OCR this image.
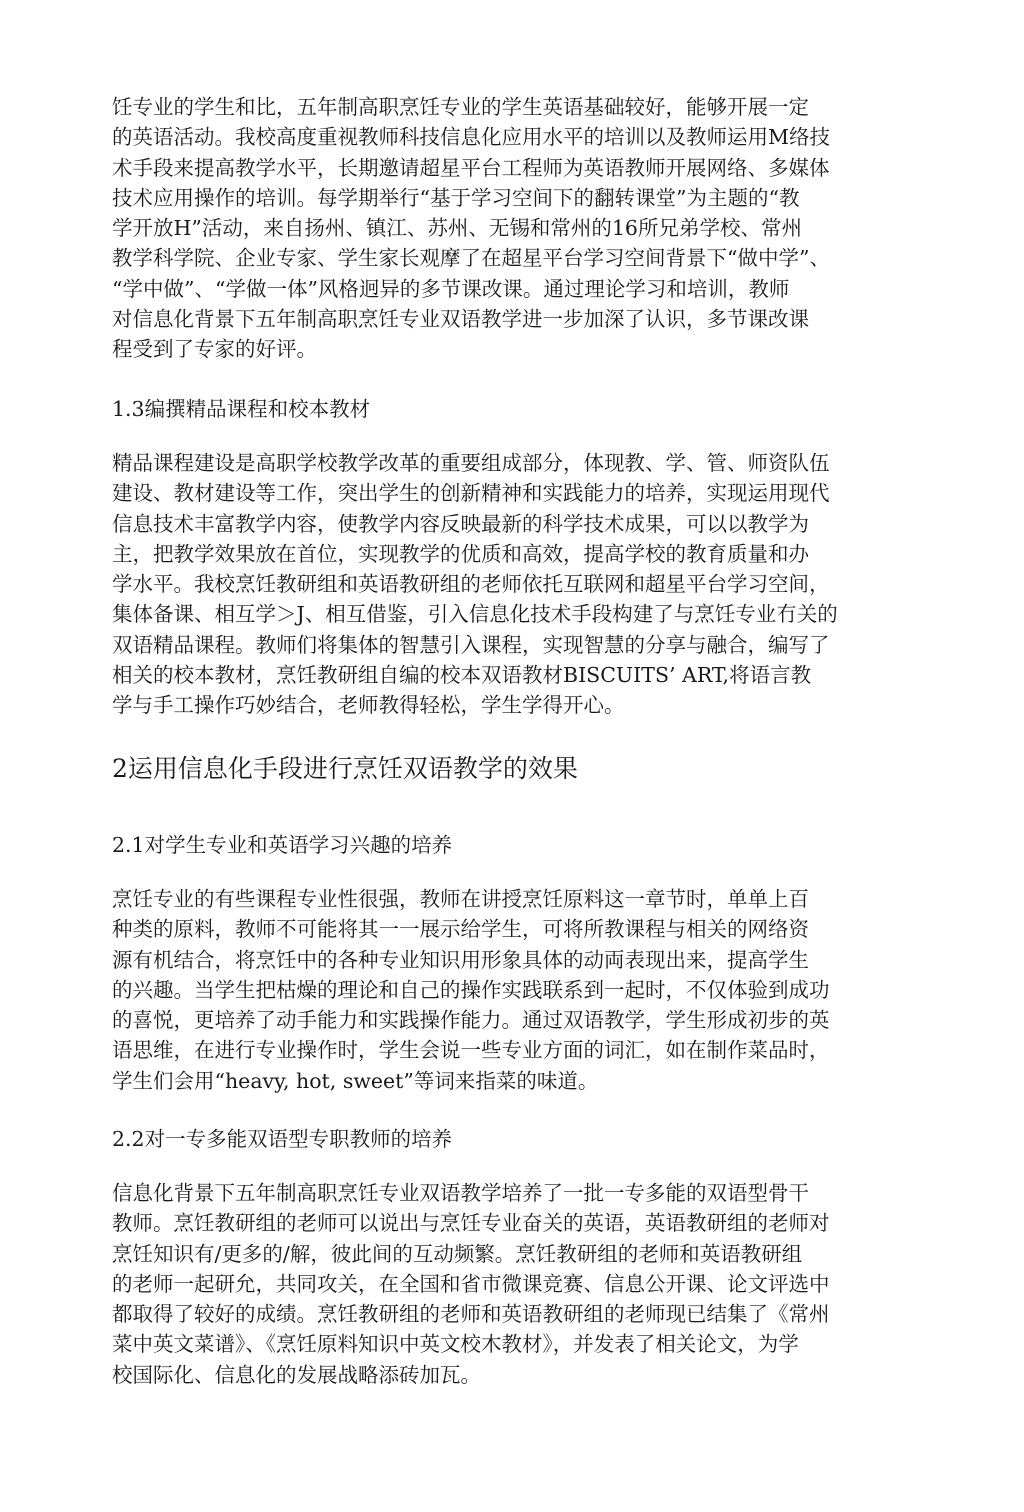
饪专业的学生和比，五年制高职烹饪专业的学生英语基础较好，能够开展一定
的英语活动。我校高度重视教师科技信息化应用水平的培训以及教师运用M络技
术手段来提高教学水平，长期邀请超星平台工程师为英语教师开展网络、多媒体
技术应用操作的培训。每学期举行“基于学习空间下的翻转课堂”为主题的“教
学开放H”活动，来自扬州、镇江、苏州、无锡和常州的16所兄弟学校、常州
教学科学院、企业专家、学生家长观摩了在超星平台学习空间背景下“做中学”、
“学中做”、“学做一体”风格迥异的多节课改课。通过理论学习和培训，教师
对信息化背景下五年制高职烹饪专业双语教学进一步加深了认识，多节课改课
程受到了专家的好评。
1.3编撰精品课程和校本教材
精品课程建设是高职学校教学改革的重要组成部分，体现教、学、管、师资队伍
建设、教材建设等工作，突出学生的创新精神和实践能力的培养，实现运用现代
信息技术丰富教学内容，使教学内容反映最新的科学技术成果，可以以教学为
主，把教学效果放在首位，实现教学的优质和高效，提高学校的教育质量和办
学水平。我校烹饪教研组和英语教研组的老师依托互联网和超星平台学习空间，
集体备课、相互学＞J、相互借鉴，引入信息化技术手段构建了与烹饪专业冇关的
双语精品课程。教师们将集体的智慧引入课程，实现智慧的分享与融合，编写了
相关的校本教材，烹饪教研组自编的校本双语教材BISCUITS’ ART,将语言教
学与手工操作巧妙结合，老师教得轻松，学生学得开心。
2运用信息化手段进行烹饪双语教学的效果
2.1对学生专业和英语学习兴趣的培养
烹饪专业的有些课程专业性很强，教师在讲授烹饪原料这一章节时，单单上百
种类的原料，教师不可能将其一一展示给学生，可将所教课程与相关的网络资
源有机结合，将烹饪中的各种专业知识用形象具体的动両表现出来，提高学生
的兴趣。当学生把枯燥的理论和自己的操作实践联系到一起时，不仅体验到成功
的喜悦，更培养了动手能力和实践操作能力。通过双语教学，学生形成初步的英
语思维，在进行专业操作时，学生会说一些专业方面的词汇，如在制作菜品时，
学生们会用“heavy, hot, sweet”等词来指菜的味道。
2.2对一专多能双语型专职教师的培养
信息化背景下五年制高职烹饪专业双语教学培养了一批一专多能的双语型骨干
教师。烹饪教研组的老师可以说出与烹饪专业奋关的英语，英语教研组的老师对
烹饪知识有/更多的/解，彼此间的互动频繁。烹饪教研组的老师和英语教研组
的老师一起研允，共同攻关，在全国和省市微课竞赛、信息公开课、论文评选中
都取得了较好的成绩。烹饪教研组的老师和英语教研组的老师现已结集了《常州
菜中英文菜谱》、《烹饪原料知识中英文校木教材》，并发表了相关论文，为学
校国际化、信息化的发展战略添砖加瓦。
